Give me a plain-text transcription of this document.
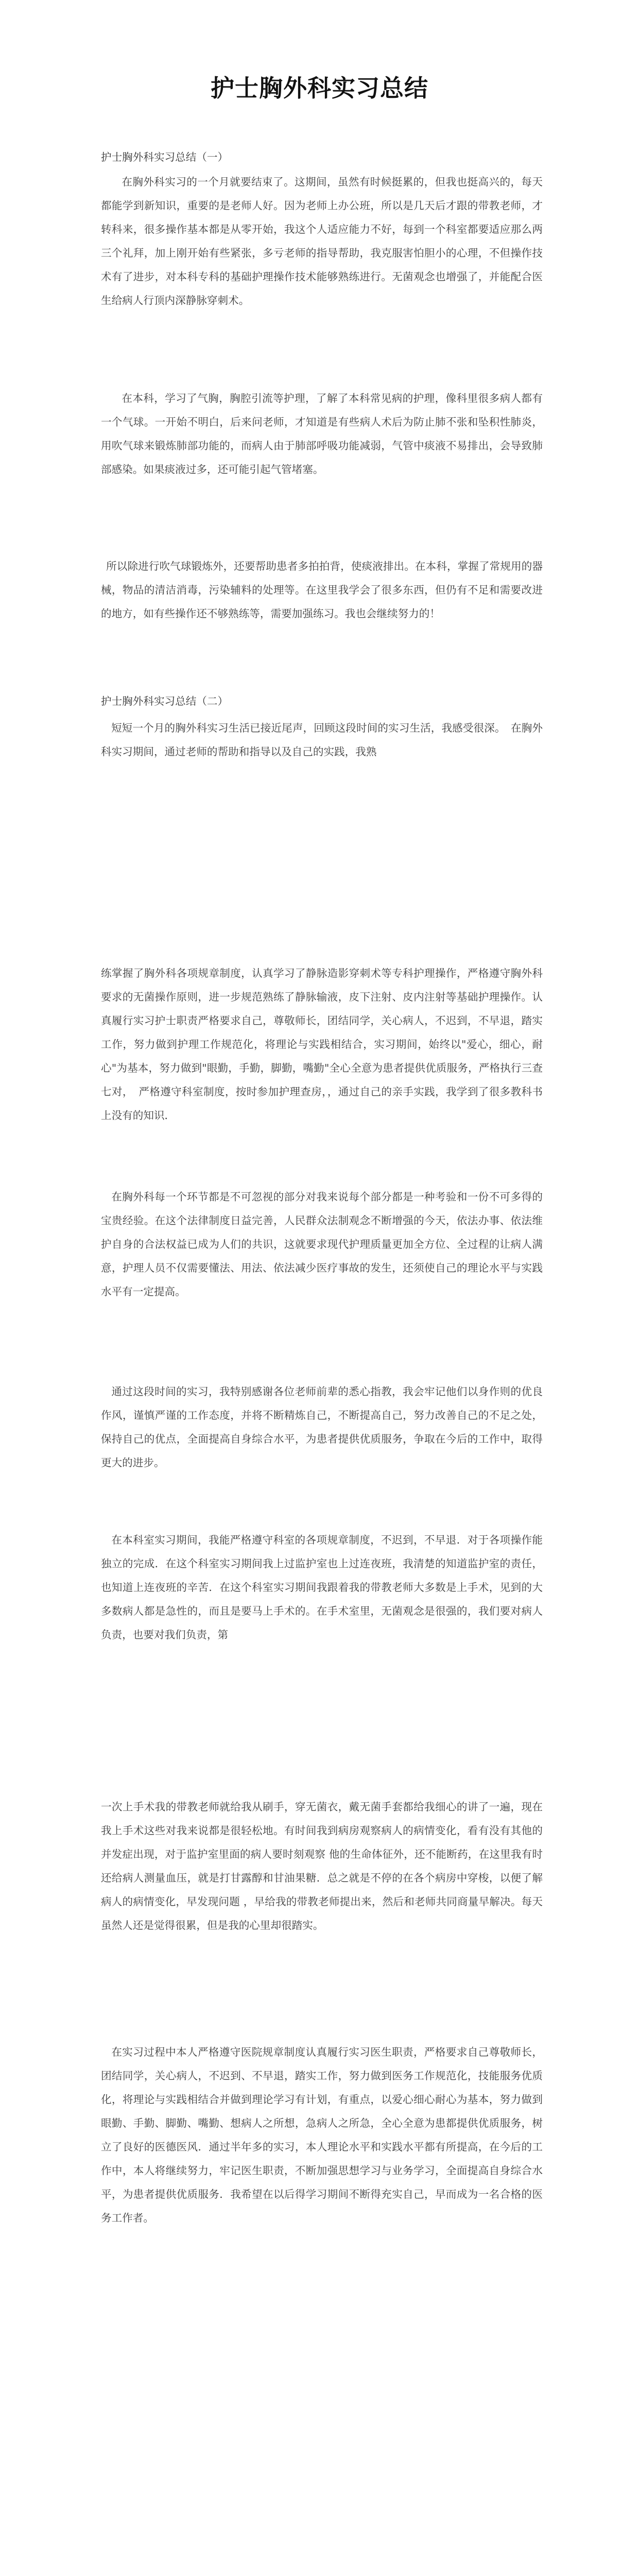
护士胸外科实习总结

护士胸外科实习总结（一）

在胸外科实习的一个月就要结束了。这期间，虽然有时候挺累的，但我也挺高兴的，每天都能学到新知识，重要的是老师人好。因为老师上办公班，所以是几天后才跟的带教老师，才转科来，很多操作基本都是从零开始，我这个人适应能力不好，每到一个科室都要适应那么两三个礼拜，加上刚开始有些紧张，多亏老师的指导帮助，我克服害怕胆小的心理，不但操作技术有了进步，对本科专科的基础护理操作技术能够熟练进行。无菌观念也增强了，并能配合医生给病人行顶内深静脉穿刺术。

在本科，学习了气胸，胸腔引流等护理，了解了本科常见病的护理，像科里很多病人都有一个气球。一开始不明白，后来问老师，才知道是有些病人术后为防止肺不张和坠积性肺炎，用吹气球来锻炼肺部功能的，而病人由于肺部呼吸功能减弱，气管中痰液不易排出，会导致肺部感染。如果痰液过多，还可能引起气管堵塞。

所以除进行吹气球锻炼外，还要帮助患者多拍拍背，使痰液排出。在本科，掌握了常规用的器械，物品的清洁消毒，污染辅料的处理等。在这里我学会了很多东西，但仍有不足和需要改进的地方，如有些操作还不够熟练等，需要加强练习。我也会继续努力的！

护士胸外科实习总结（二）

短短一个月的胸外科实习生活已接近尾声，回顾这段时间的实习生活，我感受很深。　在胸外科实习期间，通过老师的帮助和指导以及自己的实践，我熟

练掌握了胸外科各项规章制度，认真学习了静脉造影穿刺术等专科护理操作，严格遵守胸外科要求的无菌操作原则，进一步规范熟练了静脉输液，皮下注射、皮内注射等基础护理操作。认真履行实习护士职责严格要求自己，尊敬师长，团结同学，关心病人，不迟到，不早退，踏实工作，努力做到护理工作规范化，将理论与实践相结合，实习期间，始终以"爱心，细心，耐心"为基本，努力做到"眼勤，手勤，脚勤，嘴勤"全心全意为患者提供优质服务，严格执行三查七对，　严格遵守科室制度，按时参加护理查房，，通过自己的亲手实践，我学到了很多教科书上没有的知识．

在胸外科每一个环节都是不可忽视的部分对我来说每个部分都是一种考验和一份不可多得的宝贵经验。在这个法律制度日益完善，人民群众法制观念不断增强的今天，依法办事、依法维护自身的合法权益已成为人们的共识，这就要求现代护理质量更加全方位、全过程的让病人满意，护理人员不仅需要懂法、用法、依法减少医疗事故的发生，还须使自己的理论水平与实践水平有一定提高。

通过这段时间的实习，我特别感谢各位老师前辈的悉心指教，我会牢记他们以身作则的优良作风，谨慎严谨的工作态度，并将不断精炼自己，不断提高自己，努力改善自己的不足之处，保持自己的优点，全面提高自身综合水平，为患者提供优质服务，争取在今后的工作中，取得更大的进步。

在本科室实习期间，我能严格遵守科室的各项规章制度，不迟到，不早退．对于各项操作能独立的完成．在这个科室实习期间我上过监护室也上过连夜班，我清楚的知道监护室的责任，也知道上连夜班的辛苦．在这个科室实习期间我跟着我的带教老师大多数是上手术，见到的大多数病人都是急性的，而且是要马上手术的。在手术室里，无菌观念是很强的，我们要对病人负责，也要对我们负责，第

一次上手术我的带教老师就给我从刷手，穿无菌衣，戴无菌手套都给我细心的讲了一遍，现在我上手术这些对我来说都是很轻松地。有时间我到病房观察病人的病情变化，看有没有其他的并发症出现，对于监护室里面的病人要时刻观察 他的生命体征外，还不能断药，在这里我有时还给病人测量血压，就是打甘露醇和甘油果糖．总之就是不停的在各个病房中穿梭，以便了解病人的病情变化，早发现问题 ，早给我的带教老师提出来，然后和老师共同商量早解决。每天虽然人还是觉得很累，但是我的心里却很踏实。

在实习过程中本人严格遵守医院规章制度认真履行实习医生职责，严格要求自己尊敬师长，团结同学，关心病人，不迟到、不早退，踏实工作，努力做到医务工作规范化，技能服务优质化，将理论与实践相结合并做到理论学习有计划，有重点，以爱心细心耐心为基本，努力做到眼勤、手勤、脚勤、嘴勤、想病人之所想，急病人之所急，全心全意为患都提供优质服务，树立了良好的医德医风．通过半年多的实习，本人理论水平和实践水平都有所提高，在今后的工作中，本人将继续努力，牢记医生职责，不断加强思想学习与业务学习，全面提高自身综合水平，为患者提供优质服务．我希望在以后得学习期间不断得充实自己，早而成为一名合格的医务工作者。
